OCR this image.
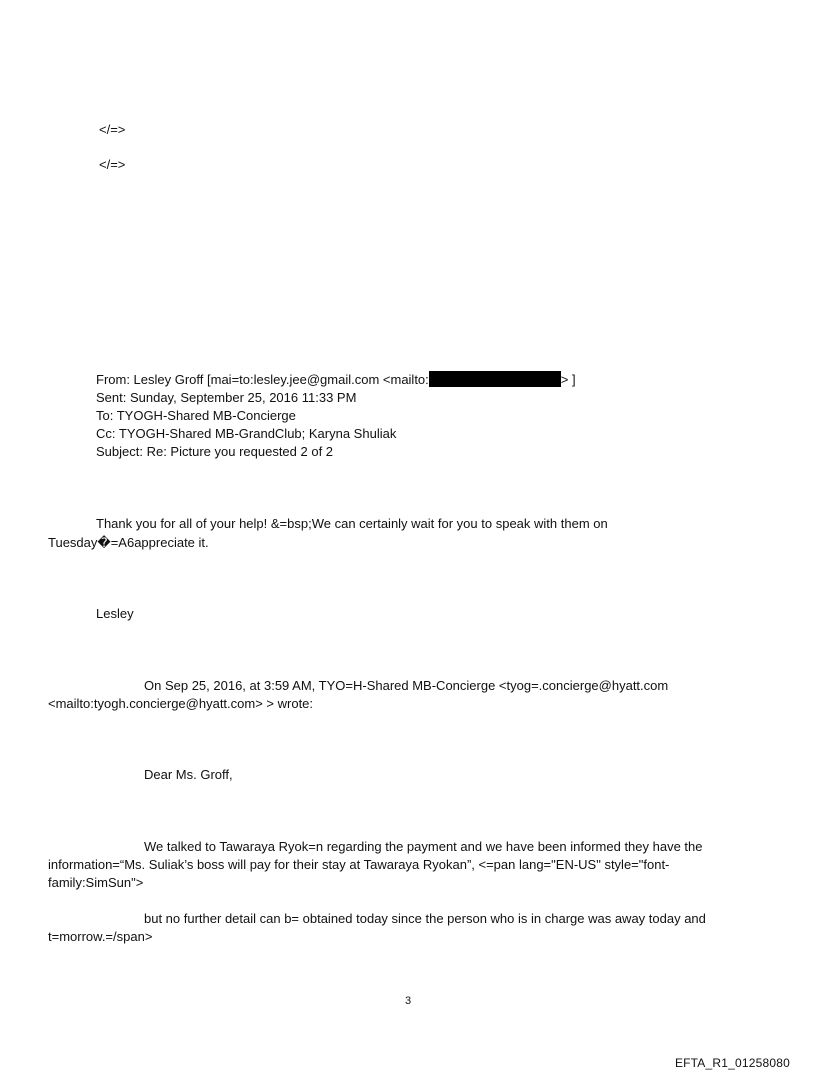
</=>
</=>
From: Lesley Groff [mai=to:lesley.jee@gmail.com <mailto:	> ]
Sent: Sunday, September 25, 2016 11:33 PM
To: TYOGH-Shared MB-Concierge
Cc: TYOGH-Shared MB-GrandClub; Karyna Shuliak
Subject: Re: Picture you requested 2 of 2
Thank you for all of your help! &=bsp;We can certainly wait for you to speak with them on
Tuesday�=A6appreciate it.
Lesley
On Sep 25, 2016, at 3:59 AM, TYO=H-Shared MB-Concierge <tyog=.concierge@hyatt.com
<mailto:tyogh.concierge@hyatt.com> > wrote:
Dear Ms. Groff,
We talked to Tawaraya Ryok=n regarding the payment and we have been informed they have the
information=“Ms. Suliak’s boss will pay for their stay at Tawaraya Ryokan”, <=pan lang="EN-US" style="font-
family:SimSun">
but no further detail can b= obtained today since the person who is in charge was away today and
t=morrow.=/span>
3
EFTA_R1_01258080
